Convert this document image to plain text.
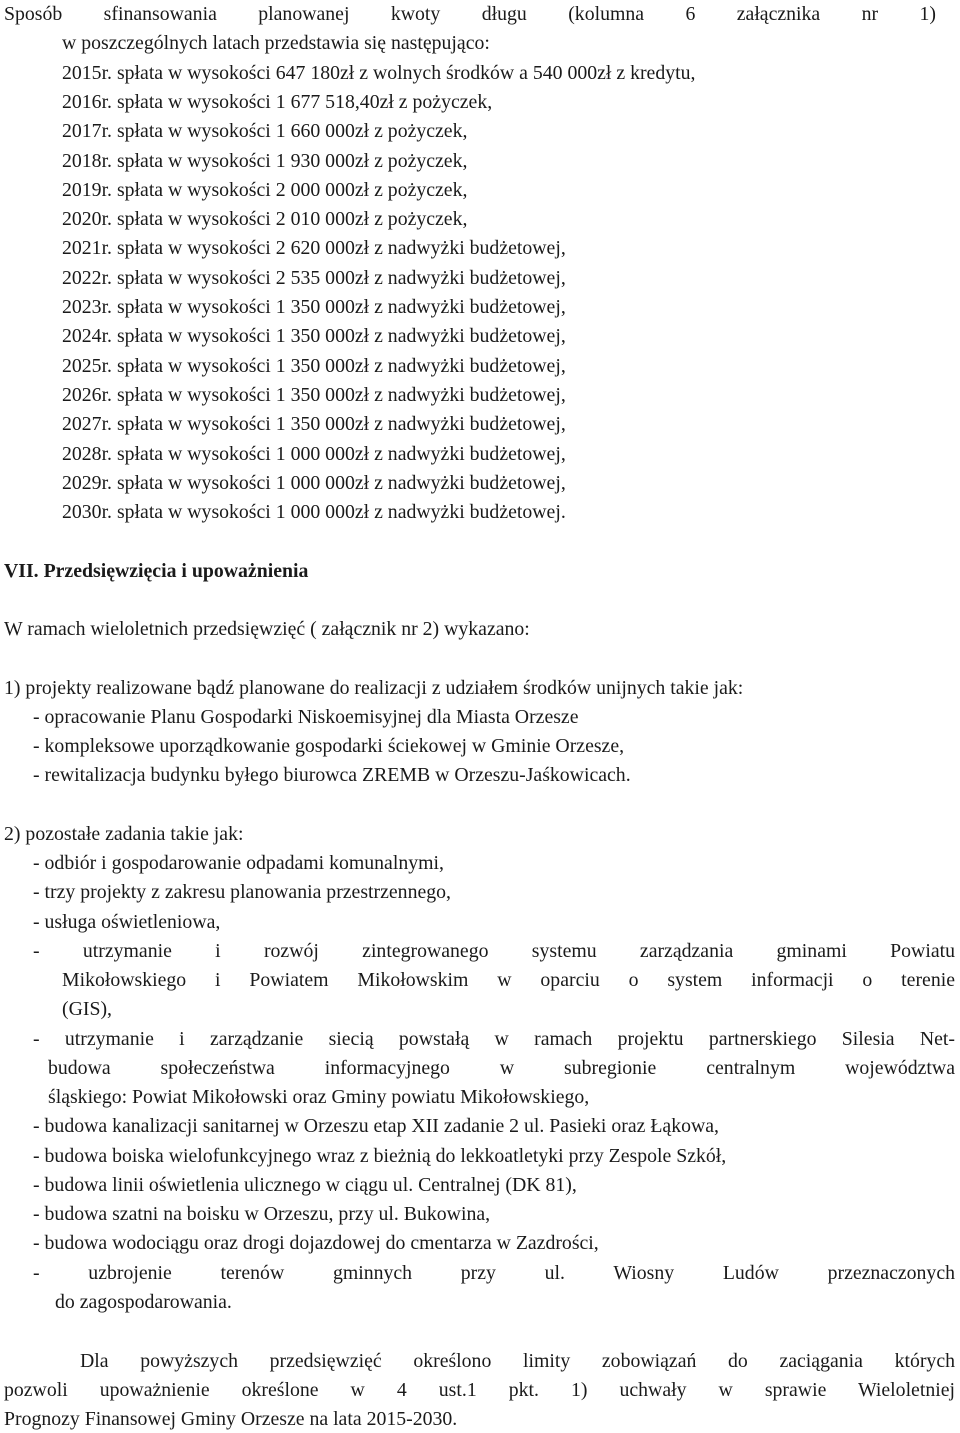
Sposób sfinansowania planowanej kwoty długu (kolumna 6 załącznika nr 1)
w poszczególnych latach przedstawia się następująco:
2015r. spłata w wysokości 647 180zł z wolnych środków a 540 000zł z kredytu,
2016r. spłata w wysokości 1 677 518,40zł z pożyczek,
2017r. spłata w wysokości 1 660 000zł z pożyczek,
2018r. spłata w wysokości 1 930 000zł z pożyczek,
2019r. spłata w wysokości 2 000 000zł z pożyczek,
2020r. spłata w wysokości 2 010 000zł z pożyczek,
2021r. spłata w wysokości 2 620 000zł z nadwyżki budżetowej,
2022r. spłata w wysokości 2 535 000zł z nadwyżki budżetowej,
2023r. spłata w wysokości 1 350 000zł z nadwyżki budżetowej,
2024r. spłata w wysokości 1 350 000zł z nadwyżki budżetowej,
2025r. spłata w wysokości 1 350 000zł z nadwyżki budżetowej,
2026r. spłata w wysokości 1 350 000zł z nadwyżki budżetowej,
2027r. spłata w wysokości 1 350 000zł z nadwyżki budżetowej,
2028r. spłata w wysokości 1 000 000zł z nadwyżki budżetowej,
2029r. spłata w wysokości 1 000 000zł z nadwyżki budżetowej,
2030r. spłata w wysokości 1 000 000zł z nadwyżki budżetowej.
VII. Przedsięwzięcia i upoważnienia
W ramach wieloletnich przedsięwzięć ( załącznik nr 2) wykazano:
1) projekty realizowane bądź planowane do realizacji z udziałem środków unijnych takie jak:
- opracowanie Planu Gospodarki Niskoemisyjnej dla Miasta Orzesze
- kompleksowe uporządkowanie gospodarki ściekowej w Gminie Orzesze,
- rewitalizacja budynku byłego biurowca ZREMB w Orzeszu-Jaśkowicach.
2) pozostałe zadania takie jak:
- odbiór i gospodarowanie odpadami komunalnymi,
- trzy projekty z zakresu planowania przestrzennego,
- usługa oświetleniowa,
- utrzymanie i rozwój zintegrowanego systemu zarządzania gminami Powiatu
Mikołowskiego i Powiatem Mikołowskim w oparciu o system informacji o terenie
(GIS),
- utrzymanie i zarządzanie siecią powstałą w ramach projektu partnerskiego Silesia Net-
budowa społeczeństwa informacyjnego w subregionie centralnym województwa
śląskiego: Powiat Mikołowski oraz Gminy powiatu Mikołowskiego,
- budowa kanalizacji sanitarnej w Orzeszu etap XII zadanie 2 ul. Pasieki oraz Łąkowa,
- budowa boiska wielofunkcyjnego wraz z bieżnią do lekkoatletyki przy Zespole Szkół,
- budowa linii oświetlenia ulicznego w ciągu ul. Centralnej (DK 81),
- budowa szatni na boisku w Orzeszu, przy ul. Bukowina,
- budowa wodociągu oraz drogi dojazdowej do cmentarza w Zazdrości,
- uzbrojenie terenów gminnych przy ul. Wiosny Ludów przeznaczonych
do zagospodarowania.
Dla powyższych przedsięwzięć określono limity zobowiązań do zaciągania których
pozwoli upoważnienie określone w 4 ust.1 pkt. 1) uchwały w sprawie Wieloletniej
Prognozy Finansowej Gminy Orzesze na lata 2015-2030.
